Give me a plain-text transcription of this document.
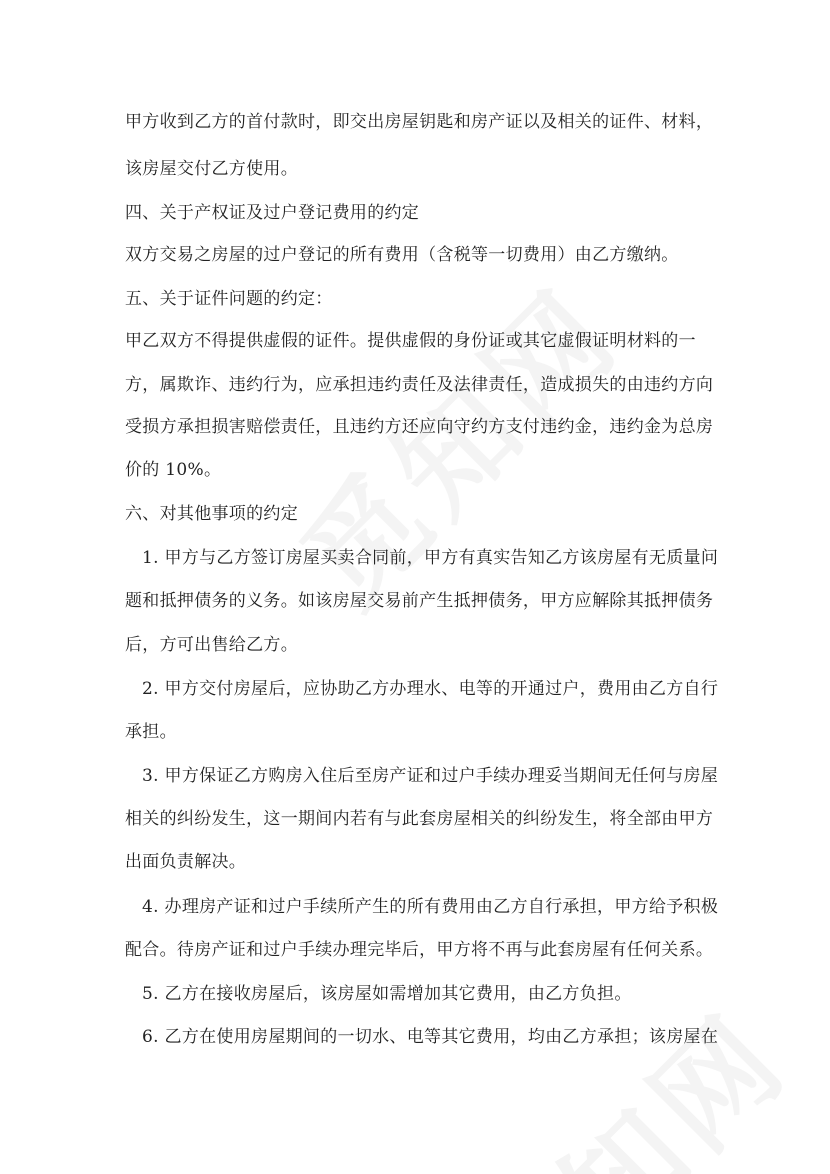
甲方收到乙方的首付款时，即交出房屋钥匙和房产证以及相关的证件、材料，
该房屋交付乙方使用。
四、关于产权证及过户登记费用的约定
双方交易之房屋的过户登记的所有费用（含税等一切费用）由乙方缴纳。
五、关于证件问题的约定：
甲乙双方不得提供虚假的证件。提供虚假的身份证或其它虚假证明材料的一
方，属欺诈、违约行为，应承担违约责任及法律责任，造成损失的由违约方向
受损方承担损害赔偿责任，且违约方还应向守约方支付违约金，违约金为总房
价的 10%。
六、对其他事项的约定
1. 甲方与乙方签订房屋买卖合同前，甲方有真实告知乙方该房屋有无质量问
题和抵押债务的义务。如该房屋交易前产生抵押债务，甲方应解除其抵押债务
后，方可出售给乙方。
2. 甲方交付房屋后，应协助乙方办理水、电等的开通过户，费用由乙方自行
承担。
3. 甲方保证乙方购房入住后至房产证和过户手续办理妥当期间无任何与房屋
相关的纠纷发生，这一期间内若有与此套房屋相关的纠纷发生，将全部由甲方
出面负责解决。
4. 办理房产证和过户手续所产生的所有费用由乙方自行承担，甲方给予积极
配合。待房产证和过户手续办理完毕后，甲方将不再与此套房屋有任何关系。
5. 乙方在接收房屋后，该房屋如需增加其它费用，由乙方负担。
6. 乙方在使用房屋期间的一切水、电等其它费用，均由乙方承担；该房屋在
